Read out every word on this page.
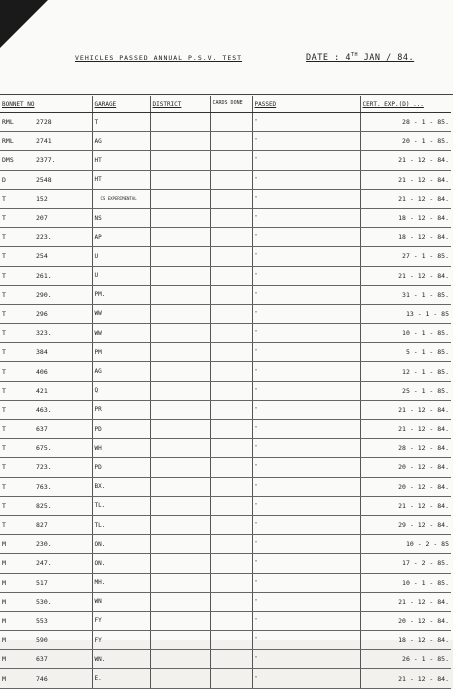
VEHICLES PASSED ANNUAL P.S.V. TEST	DATE : 4TH JAN / 84.
BONNET NO	GARAGE	DISTRICT	CARDS DONE	PASSED	CERT. EXP.(D) ...
RML 2728	T			"	28 - 1 - 85.
RML 2741	AG			"	20 - 1 - 85.
DMS 2377.	HT			"	21 - 12 - 84.
D 2548	HT			"	21 - 12 - 84.
T 152	CS EXPERIMENTAL			"	21 - 12 - 84.
T 207	NS			"	18 - 12 - 84.
T 223.	AP			"	18 - 12 - 84.
T 254	U			"	27 - 1 - 85.
T 261.	U			"	21 - 12 - 84.
T 290.	PM.			"	31 - 1 - 85.
T 296	WW			"	13 - 1 - 85
T 323.	WW			"	10 - 1 - 85.
T 384	PM			"	5 - 1 - 85.
T 406	AG			"	12 - 1 - 85.
T 421	Q			"	25 - 1 - 85.
T 463.	PR			"	21 - 12 - 84.
T 637	PD			"	21 - 12 - 84.
T 675.	WH			"	28 - 12 - 84.
T 723.	PD			"	20 - 12 - 84.
T 763.	BX.			"	20 - 12 - 84.
T 825.	TL.			"	21 - 12 - 84.
T 827	TL.			"	29 - 12 - 84.
M 230.	ON.			"	10 - 2 - 85
M 247.	ON.			"	17 - 2 - 85.
M 517	MH.			"	10 - 1 - 85.
M 530.	WN			"	21 - 12 - 84.
M 553	FY			"	20 - 12 - 84.
M 590	FY			"	18 - 12 - 84.
M 637	WN.			"	26 - 1 - 85.
M 746	E.			"	21 - 12 - 84.
